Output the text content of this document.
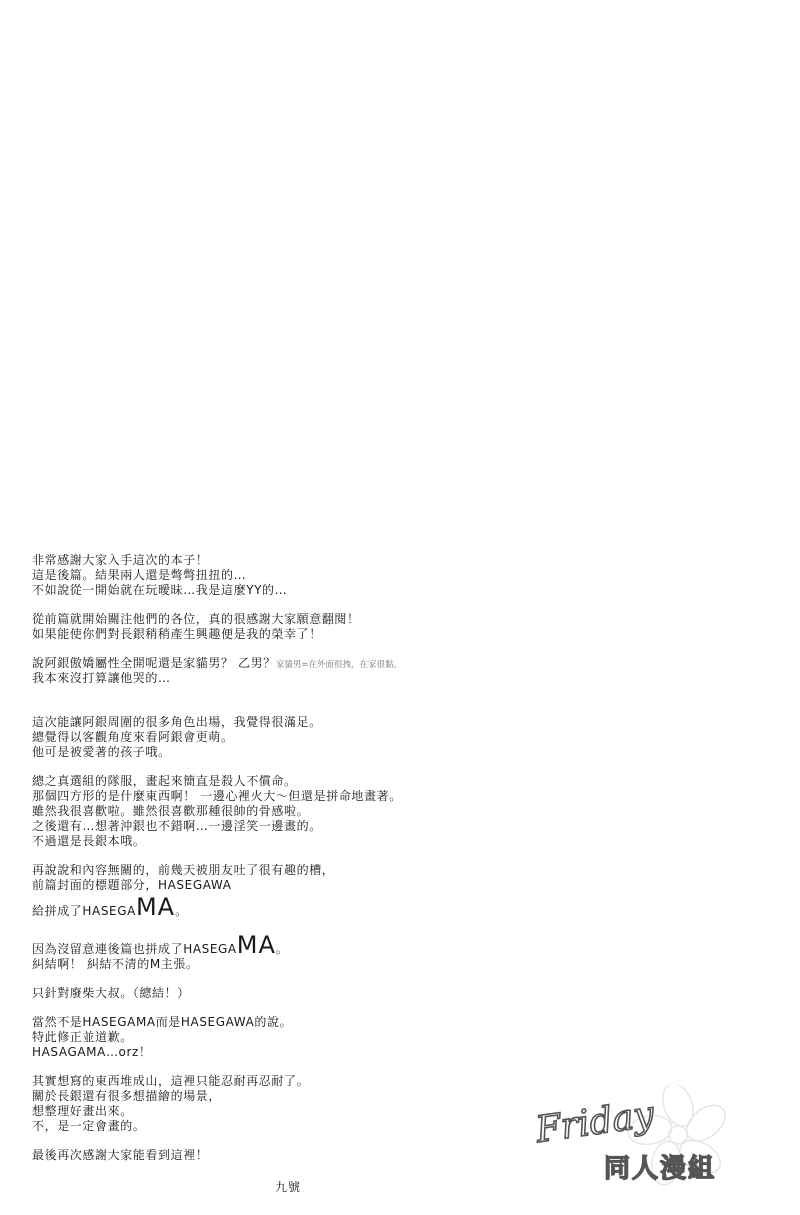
非常感謝大家入手這次的本子！
這是後篇。結果兩人還是彆彆扭扭的…
不如說從一開始就在玩曖昧…我是這麼YY的…
從前篇就開始關注他們的各位，真的很感謝大家願意翻閱！
如果能使你們對長銀稍稍產生興趣便是我的榮幸了！
說阿銀傲嬌屬性全開呢還是家貓男？ 乙男？家貓男=在外面很拽，在家很黏。
我本來沒打算讓他哭的…
這次能讓阿銀周圍的很多角色出場，我覺得很滿足。
總覺得以客觀角度來看阿銀會更萌。
他可是被愛著的孩子哦。
總之真選組的隊服，畫起來簡直是殺人不償命。
那個四方形的是什麼東西啊！ 一邊心裡火大～但還是拼命地畫著。
雖然我很喜歡啦。雖然很喜歡那種很帥的骨感啦。
之後還有…想著沖銀也不錯啊…一邊淫笑一邊畫的。
不過還是長銀本哦。
再說說和內容無關的，前幾天被朋友吐了很有趣的槽，
前篇封面的標題部分，HASEGAWA
給拼成了HASEGA MA 。
因為沒留意連後篇也拼成了HASEGA MA 。
糾結啊！ 糾結不清的M主張。
只針對廢柴大叔。（總結！）
當然不是HASEGAMA而是HASEGAWA的說。
特此修正並道歉。
HASAGAMA…orz！
其實想寫的東西堆成山，這裡只能忍耐再忍耐了。
關於長銀還有很多想描繪的場景，
想整理好畫出來。
不，是一定會畫的。
最後再次感謝大家能看到這裡！
九號
Friday
同人漫組
